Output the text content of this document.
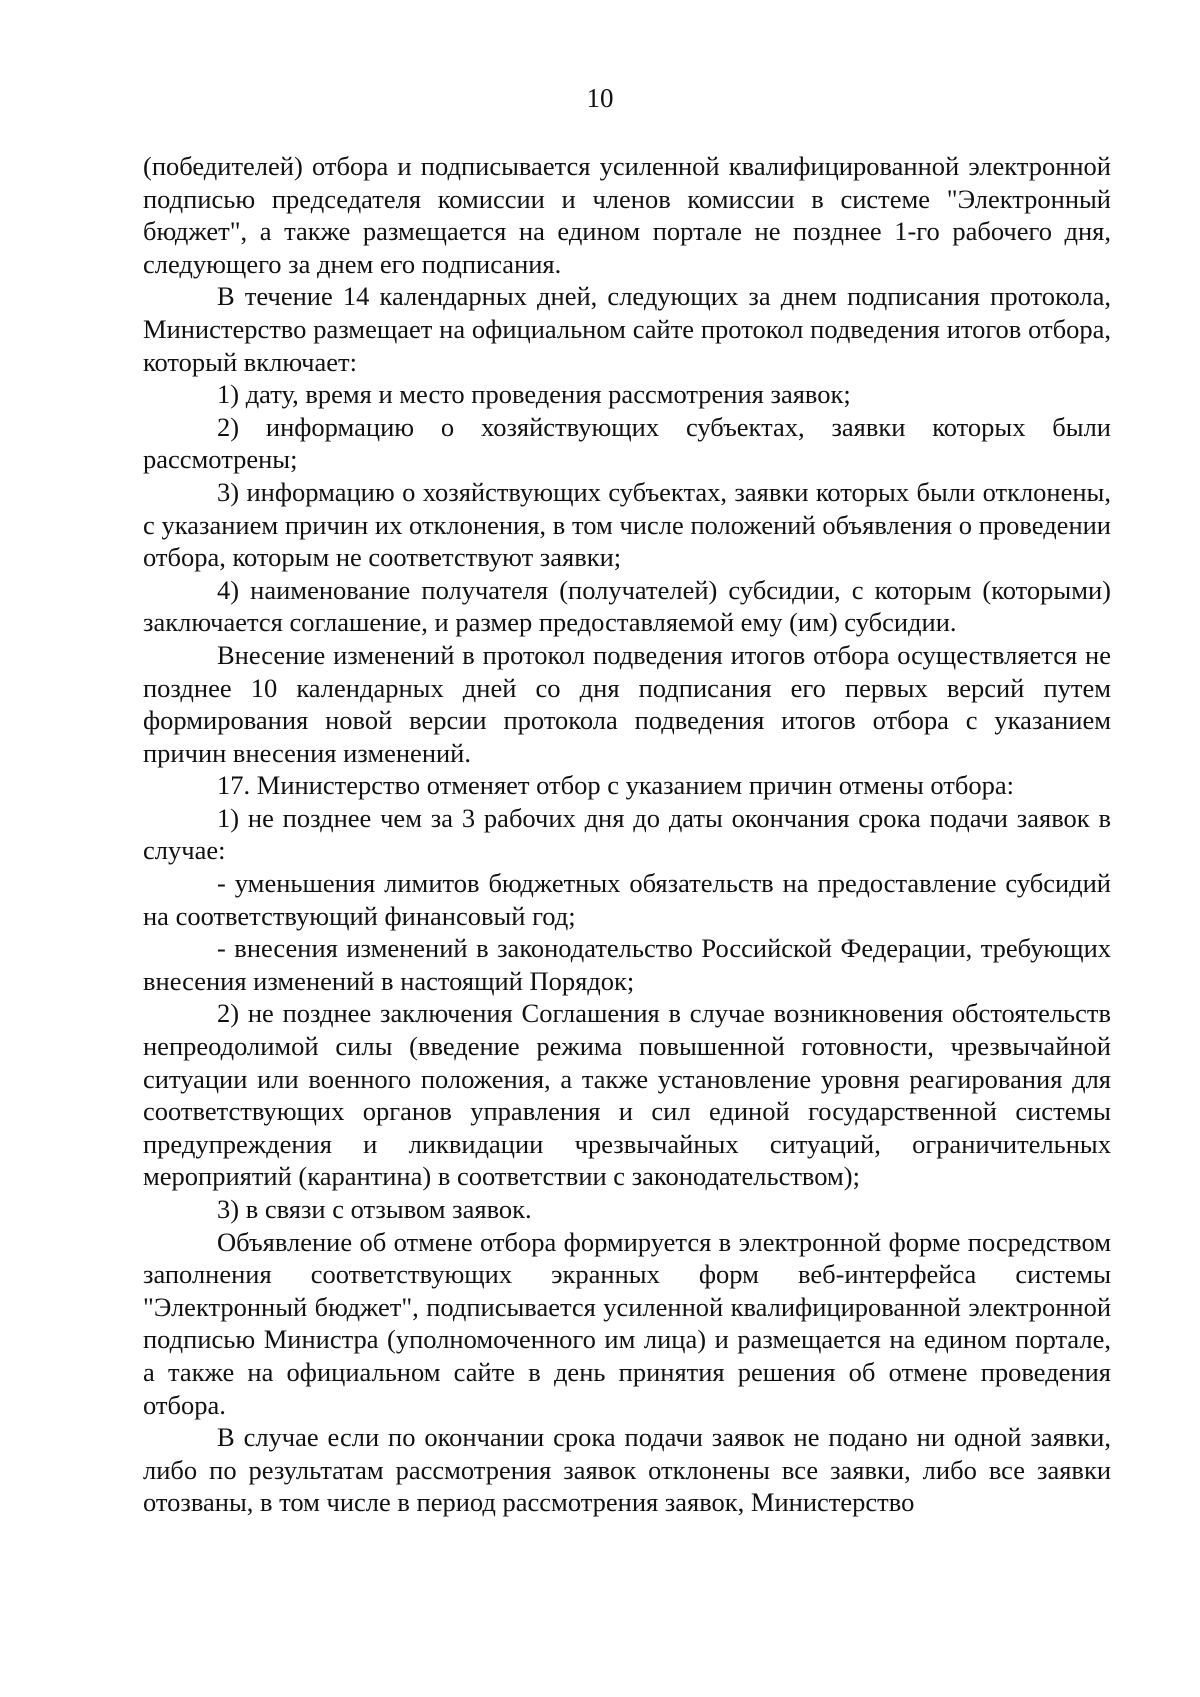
10

(победителей) отбора и подписывается усиленной квалифицированной электронной подписью председателя комиссии и членов комиссии в системе "Электронный бюджет", а также размещается на едином портале не позднее 1-го рабочего дня, следующего за днем его подписания.

В течение 14 календарных дней, следующих за днем подписания протокола, Министерство размещает на официальном сайте протокол подведения итогов отбора, который включает:

1) дату, время и место проведения рассмотрения заявок;

2) информацию о хозяйствующих субъектах, заявки которых были рассмотрены;

3) информацию о хозяйствующих субъектах, заявки которых были отклонены, с указанием причин их отклонения, в том числе положений объявления о проведении отбора, которым не соответствуют заявки;

4) наименование получателя (получателей) субсидии, с которым (которыми) заключается соглашение, и размер предоставляемой ему (им) субсидии.

Внесение изменений в протокол подведения итогов отбора осуществляется не позднее 10 календарных дней со дня подписания его первых версий путем формирования новой версии протокола подведения итогов отбора с указанием причин внесения изменений.

17. Министерство отменяет отбор с указанием причин отмены отбора:

1) не позднее чем за 3 рабочих дня до даты окончания срока подачи заявок в случае:

- уменьшения лимитов бюджетных обязательств на предоставление субсидий на соответствующий финансовый год;

- внесения изменений в законодательство Российской Федерации, требующих внесения изменений в настоящий Порядок;

2) не позднее заключения Соглашения в случае возникновения обстоятельств непреодолимой силы (введение режима повышенной готовности, чрезвычайной ситуации или военного положения, а также установление уровня реагирования для соответствующих органов управления и сил единой государственной системы предупреждения и ликвидации чрезвычайных ситуаций, ограничительных мероприятий (карантина) в соответствии с законодательством);

3) в связи с отзывом заявок.

Объявление об отмене отбора формируется в электронной форме посредством заполнения соответствующих экранных форм веб-интерфейса системы "Электронный бюджет", подписывается усиленной квалифицированной электронной подписью Министра (уполномоченного им лица) и размещается на едином портале, а также на официальном сайте в день принятия решения об отмене проведения отбора.

В случае если по окончании срока подачи заявок не подано ни одной заявки, либо по результатам рассмотрения заявок отклонены все заявки, либо все заявки отозваны, в том числе в период рассмотрения заявок, Министерство
